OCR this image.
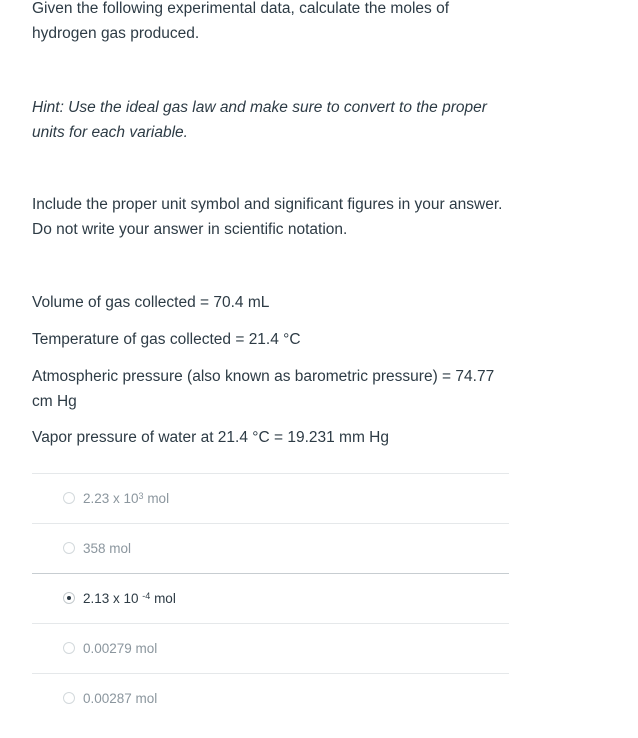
Given the following experimental data, calculate the moles of hydrogen gas produced.

Hint: Use the ideal gas law and make sure to convert to the proper units for each variable.

Include the proper unit symbol and significant figures in your answer. Do not write your answer in scientific notation.

Volume of gas collected = 70.4 mL

Temperature of gas collected = 21.4 °C

Atmospheric pressure (also known as barometric pressure) = 74.77 cm Hg

Vapor pressure of water at 21.4 °C = 19.231 mm Hg

2.23 x $10^3$ mol
358 mol
2.13 x 10 $^{-4}$ mol
0.00279 mol
0.00287 mol
